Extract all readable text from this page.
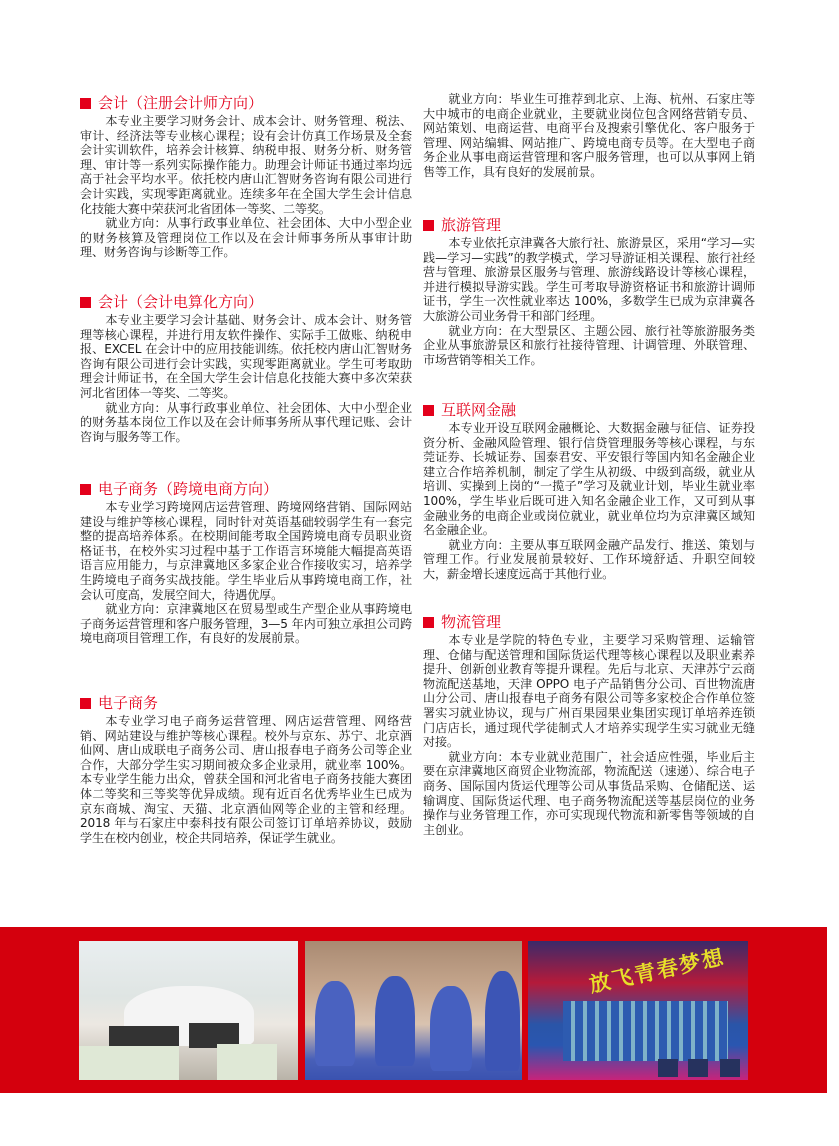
会计（注册会计师方向）

本专业主要学习财务会计、成本会计、财务管理、税法、审计、经济法等专业核心课程；设有会计仿真工作场景及全套会计实训软件，培养会计核算、纳税申报、财务分析、财务管理、审计等一系列实际操作能力。助理会计师证书通过率均远高于社会平均水平。依托校内唐山汇智财务咨询有限公司进行会计实践，实现零距离就业。连续多年在全国大学生会计信息化技能大赛中荣获河北省团体一等奖、二等奖。

就业方向：从事行政事业单位、社会团体、大中小型企业的财务核算及管理岗位工作以及在会计师事务所从事审计助理、财务咨询与诊断等工作。

会计（会计电算化方向）

本专业主要学习会计基础、财务会计、成本会计、财务管理等核心课程，并进行用友软件操作、实际手工做账、纳税申报、EXCEL 在会计中的应用技能训练。依托校内唐山汇智财务咨询有限公司进行会计实践，实现零距离就业。学生可考取助理会计师证书，在全国大学生会计信息化技能大赛中多次荣获河北省团体一等奖、二等奖。

就业方向：从事行政事业单位、社会团体、大中小型企业的财务基本岗位工作以及在会计师事务所从事代理记账、会计咨询与服务等工作。

电子商务（跨境电商方向）

本专业学习跨境网店运营管理、跨境网络营销、国际网站建设与维护等核心课程，同时针对英语基础较弱学生有一套完整的提高培养体系。在校期间能考取全国跨境电商专员职业资格证书，在校外实习过程中基于工作语言环境能大幅提高英语语言应用能力，与京津冀地区多家企业合作接收实习，培养学生跨境电子商务实战技能。学生毕业后从事跨境电商工作，社会认可度高，发展空间大，待遇优厚。

就业方向：京津冀地区在贸易型或生产型企业从事跨境电子商务运营管理和客户服务管理，3—5 年内可独立承担公司跨境电商项目管理工作，有良好的发展前景。

电子商务

本专业学习电子商务运营管理、网店运营管理、网络营销、网站建设与维护等核心课程。校外与京东、苏宁、北京酒仙网、唐山成联电子商务公司、唐山报春电子商务公司等企业合作，大部分学生实习期间被众多企业录用，就业率 100%。本专业学生能力出众，曾获全国和河北省电子商务技能大赛团体二等奖和三等奖等优异成绩。现有近百名优秀毕业生已成为京东商城、淘宝、天猫、北京酒仙网等企业的主管和经理。2018 年与石家庄中泰科技有限公司签订订单培养协议，鼓励学生在校内创业，校企共同培养，保证学生就业。

就业方向：毕业生可推荐到北京、上海、杭州、石家庄等大中城市的电商企业就业，主要就业岗位包含网络营销专员、网站策划、电商运营、电商平台及搜索引擎优化、客户服务于管理、网站编辑、网站推广、跨境电商专员等。在大型电子商务企业从事电商运营管理和客户服务管理，也可以从事网上销售等工作，具有良好的发展前景。

旅游管理

本专业依托京津冀各大旅行社、旅游景区，采用“学习—实践—学习—实践”的教学模式，学习导游证相关课程、旅行社经营与管理、旅游景区服务与管理、旅游线路设计等核心课程，并进行模拟导游实践。学生可考取导游资格证书和旅游计调师证书，学生一次性就业率达 100%，多数学生已成为京津冀各大旅游公司业务骨干和部门经理。

就业方向：在大型景区、主题公园、旅行社等旅游服务类企业从事旅游景区和旅行社接待管理、计调管理、外联管理、市场营销等相关工作。

互联网金融

本专业开设互联网金融概论、大数据金融与征信、证券投资分析、金融风险管理、银行信贷管理服务等核心课程，与东莞证券、长城证券、国泰君安、平安银行等国内知名金融企业建立合作培养机制，制定了学生从初级、中级到高级，就业从培训、实操到上岗的“一揽子”学习及就业计划，毕业生就业率 100%，学生毕业后既可进入知名金融企业工作，又可到从事金融业务的电商企业或岗位就业，就业单位均为京津冀区域知名金融企业。

就业方向：主要从事互联网金融产品发行、推送、策划与管理工作。行业发展前景较好、工作环境舒适、升职空间较大，薪金增长速度远高于其他行业。

物流管理

本专业是学院的特色专业，主要学习采购管理、运输管理、仓储与配送管理和国际货运代理等核心课程以及职业素养提升、创新创业教育等提升课程。先后与北京、天津苏宁云商物流配送基地，天津 OPPO 电子产品销售分公司、百世物流唐山分公司、唐山报春电子商务有限公司等多家校企合作单位签署实习就业协议，现与广州百果园果业集团实现订单培养连锁门店店长，通过现代学徒制式人才培养实现学生实习就业无缝对接。

就业方向：本专业就业范围广，社会适应性强，毕业后主要在京津冀地区商贸企业物流部，物流配送（速递）、综合电子商务、国际国内货运代理等公司从事货品采购、仓储配送、运输调度、国际货运代理、电子商务物流配送等基层岗位的业务操作与业务管理工作，亦可实现现代物流和新零售等领域的自主创业。

放飞青春梦想
